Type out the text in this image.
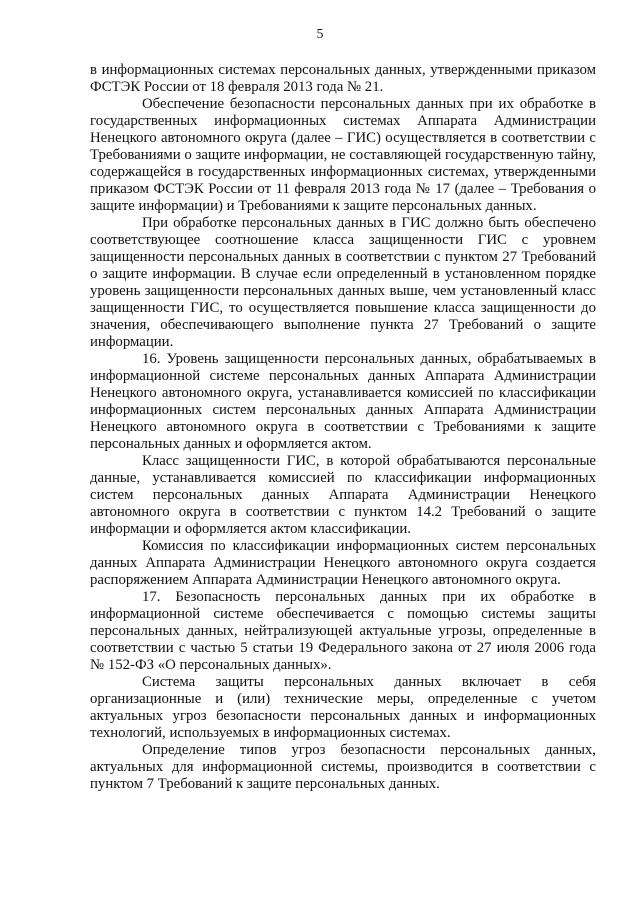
5

в информационных системах персональных данных, утвержденными приказом ФСТЭК России от 18 февраля 2013 года № 21.

Обеспечение безопасности персональных данных при их обработке в государственных информационных системах Аппарата Администрации Ненецкого автономного округа (далее – ГИС) осуществляется в соответствии с Требованиями о защите информации, не составляющей государственную тайну, содержащейся в государственных информационных системах, утвержденными приказом ФСТЭК России от 11 февраля 2013 года № 17 (далее – Требования о защите информации) и Требованиями к защите персональных данных.

При обработке персональных данных в ГИС должно быть обеспечено соответствующее соотношение класса защищенности ГИС с уровнем защищенности персональных данных в соответствии с пунктом 27 Требований о защите информации. В случае если определенный в установленном порядке уровень защищенности персональных данных выше, чем установленный класс защищенности ГИС, то осуществляется повышение класса защищенности до значения, обеспечивающего выполнение пункта 27 Требований о защите информации.

16. Уровень защищенности персональных данных, обрабатываемых в информационной системе персональных данных Аппарата Администрации Ненецкого автономного округа, устанавливается комиссией по классификации информационных систем персональных данных Аппарата Администрации Ненецкого автономного округа в соответствии с Требованиями к защите персональных данных и оформляется актом.

Класс защищенности ГИС, в которой обрабатываются персональные данные, устанавливается комиссией по классификации информационных систем персональных данных Аппарата Администрации Ненецкого автономного округа в соответствии с пунктом 14.2 Требований о защите информации и оформляется актом классификации.

Комиссия по классификации информационных систем персональных данных Аппарата Администрации Ненецкого автономного округа создается распоряжением Аппарата Администрации Ненецкого автономного округа.

17. Безопасность персональных данных при их обработке в информационной системе обеспечивается с помощью системы защиты персональных данных, нейтрализующей актуальные угрозы, определенные в соответствии с частью 5 статьи 19 Федерального закона от 27 июля 2006 года № 152-ФЗ «О персональных данных».

Система защиты персональных данных включает в себя организационные и (или) технические меры, определенные с учетом актуальных угроз безопасности персональных данных и информационных технологий, используемых в информационных системах.

Определение типов угроз безопасности персональных данных, актуальных для информационной системы, производится в соответствии с пунктом 7 Требований к защите персональных данных.
